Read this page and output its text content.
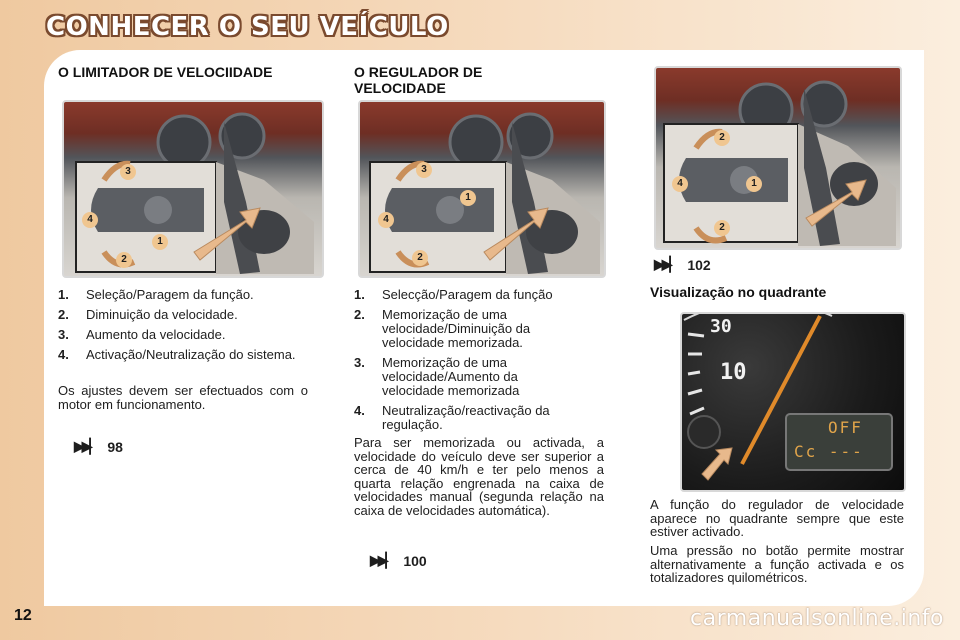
CONHECER O SEU VEÍCULO
O LIMITADOR DE VELOCIIDADE
3
4
1
2
1.	Seleção/Paragem da função.
2.	Diminuição da velocidade.
3.	Aumento da velocidade.
4.	Activação/Neutralização do sistema.

Os ajustes devem ser efectuados com o motor em funcionamento.

▶▶▏ 98
O REGULADOR DE VELOCIDADE
3
1
4
2
1.	Selecção/Paragem da função
2.	Memorização de uma velocidade/Diminuição da velocidade memorizada.
3.	Memorização de uma velocidade/Aumento da velocidade memorizada
4.	Neutralização/reactivação da regulação.

Para ser memorizada ou activada, a velocidade do veículo deve ser superior a cerca de 40 km/h e ter pelo menos a quarta relação engrenada na caixa de velocidades manual (segunda relação na caixa de velocidades automática).

▶▶▏ 100
2
4	1
2
▶▶▏ 102
Visualização no quadrante
30
10
OFF
Cc ---

A função do regulador de velocidade aparece no quadrante sempre que este estiver activado.

Uma pressão no botão permite mostrar alternativamente a função activada e os totalizadores quilométricos.

12	carmanualsonline.info
